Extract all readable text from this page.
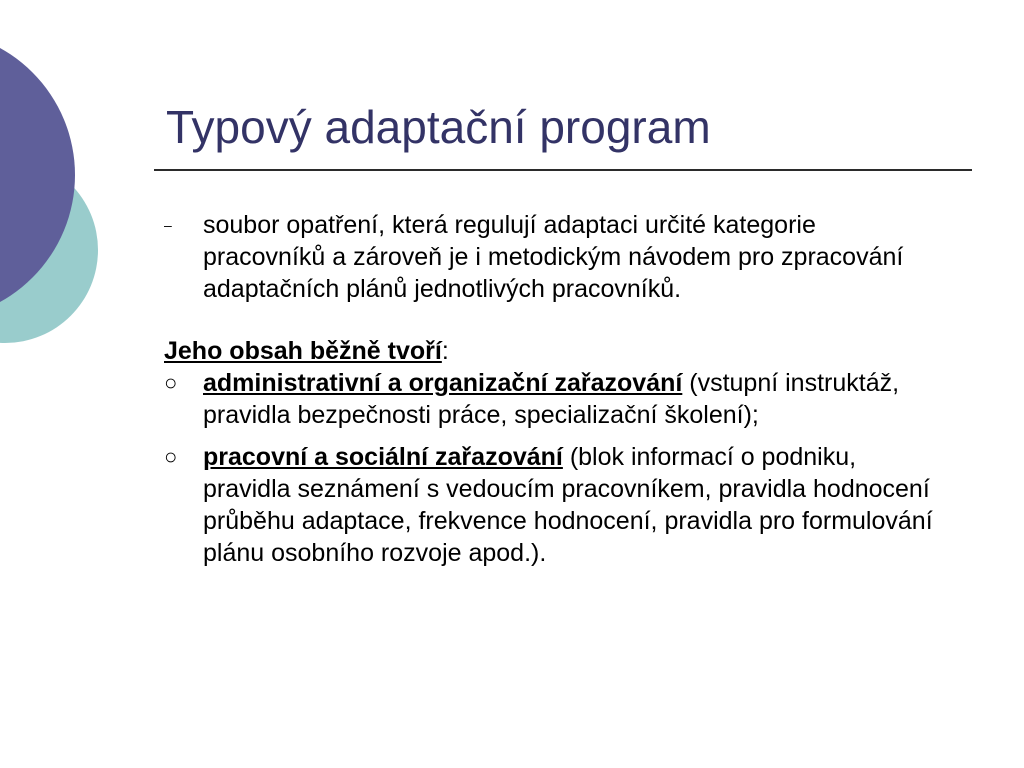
Typový adaptační program
– soubor opatření, která regulují adaptaci určité kategorie pracovníků a zároveň je i metodickým návodem pro zpracování adaptačních plánů jednotlivých pracovníků.
Jeho obsah běžně tvoří:
○ administrativní a organizační zařazování (vstupní instruktáž, pravidla bezpečnosti práce, specializační školení);
○ pracovní a sociální zařazování (blok informací o podniku, pravidla seznámení s vedoucím pracovníkem, pravidla hodnocení průběhu adaptace, frekvence hodnocení, pravidla pro formulování plánu osobního rozvoje apod.).
